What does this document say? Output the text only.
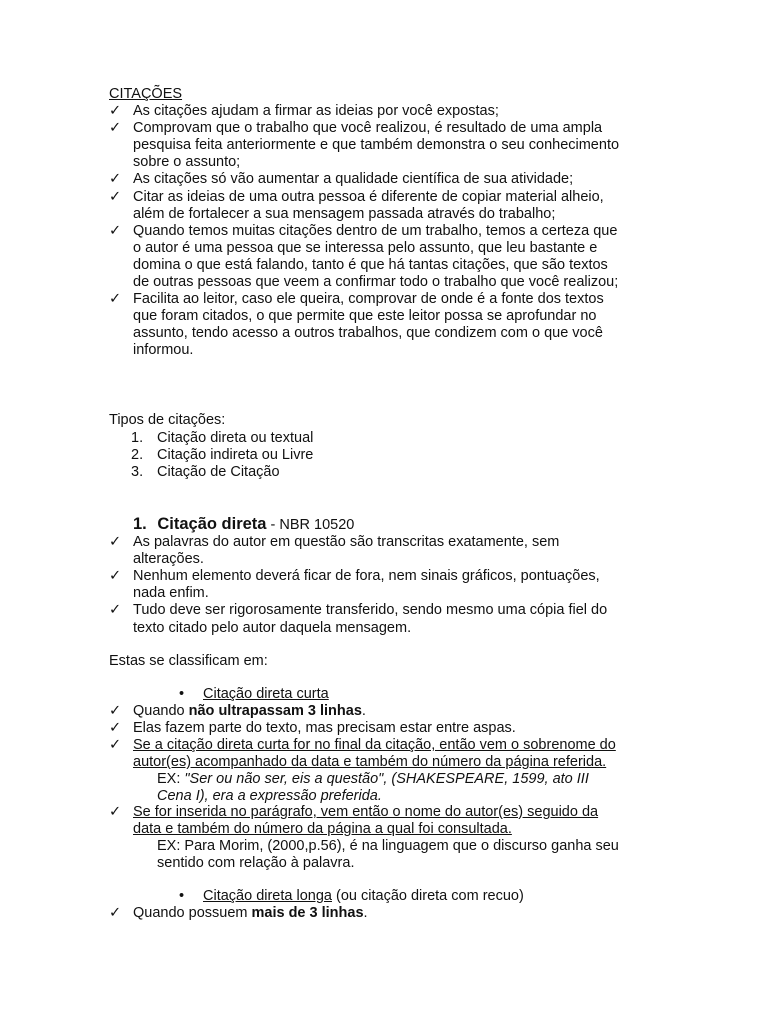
CITAÇÕES
✓ As citações ajudam a firmar as ideias por você expostas;
✓ Comprovam que o trabalho que você realizou, é resultado de uma ampla
pesquisa feita anteriormente e que também demonstra o seu conhecimento
sobre o assunto;
✓ As citações só vão aumentar a qualidade científica de sua atividade;
✓ Citar as ideias de uma outra pessoa é diferente de copiar material alheio,
além de fortalecer a sua mensagem passada através do trabalho;
✓ Quando temos muitas citações dentro de um trabalho, temos a certeza que
o autor é uma pessoa que se interessa pelo assunto, que leu bastante e
domina o que está falando, tanto é que há tantas citações, que são textos
de outras pessoas que veem a confirmar todo o trabalho que você realizou;
✓ Facilita ao leitor, caso ele queira, comprovar de onde é a fonte dos textos
que foram citados, o que permite que este leitor possa se aprofundar no
assunto, tendo acesso a outros trabalhos, que condizem com o que você
informou.
Tipos de citações:
1. Citação direta ou textual
2. Citação indireta ou Livre
3. Citação de Citação
1. Citação direta - NBR 10520
✓ As palavras do autor em questão são transcritas exatamente, sem
alterações.
✓ Nenhum elemento deverá ficar de fora, nem sinais gráficos, pontuações,
nada enfim.
✓ Tudo deve ser rigorosamente transferido, sendo mesmo uma cópia fiel do
texto citado pelo autor daquela mensagem.
Estas se classificam em:
• Citação direta curta
✓ Quando não ultrapassam 3 linhas.
✓ Elas fazem parte do texto, mas precisam estar entre aspas.
✓ Se a citação direta curta for no final da citação, então vem o sobrenome do
autor(es) acompanhado da data e também do número da página referida.
EX: "Ser ou não ser, eis a questão", (SHAKESPEARE, 1599, ato III
Cena I), era a expressão preferida.
✓ Se for inserida no parágrafo, vem então o nome do autor(es) seguido da
data e também do número da página a qual foi consultada.
EX: Para Morim, (2000,p.56), é na linguagem que o discurso ganha seu
sentido com relação à palavra.
• Citação direta longa (ou citação direta com recuo)
✓ Quando possuem mais de 3 linhas.
